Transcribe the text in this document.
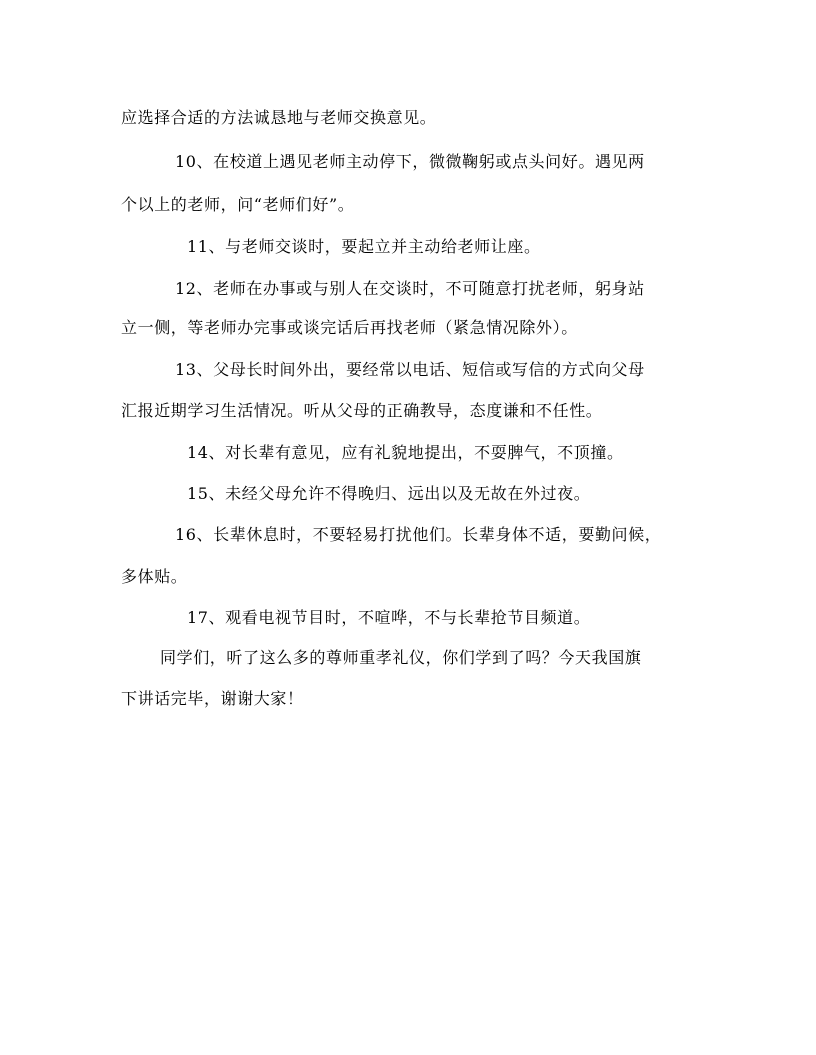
应选择合适的方法诚恳地与老师交换意见。
10、在校道上遇见老师主动停下，微微鞠躬或点头问好。遇见两
个以上的老师，问“老师们好”。
11、与老师交谈时，要起立并主动给老师让座。
12、老师在办事或与别人在交谈时，不可随意打扰老师，躬身站
立一侧，等老师办完事或谈完话后再找老师（紧急情况除外）。
13、父母长时间外出，要经常以电话、短信或写信的方式向父母
汇报近期学习生活情况。听从父母的正确教导，态度谦和不任性。
14、对长辈有意见，应有礼貌地提出，不耍脾气，不顶撞。
15、未经父母允许不得晚归、远出以及无故在外过夜。
16、长辈休息时，不要轻易打扰他们。长辈身体不适，要勤问候，
多体贴。
17、观看电视节目时，不喧哗，不与长辈抢节目频道。
同学们，听了这么多的尊师重孝礼仪，你们学到了吗？今天我国旗
下讲话完毕，谢谢大家！
